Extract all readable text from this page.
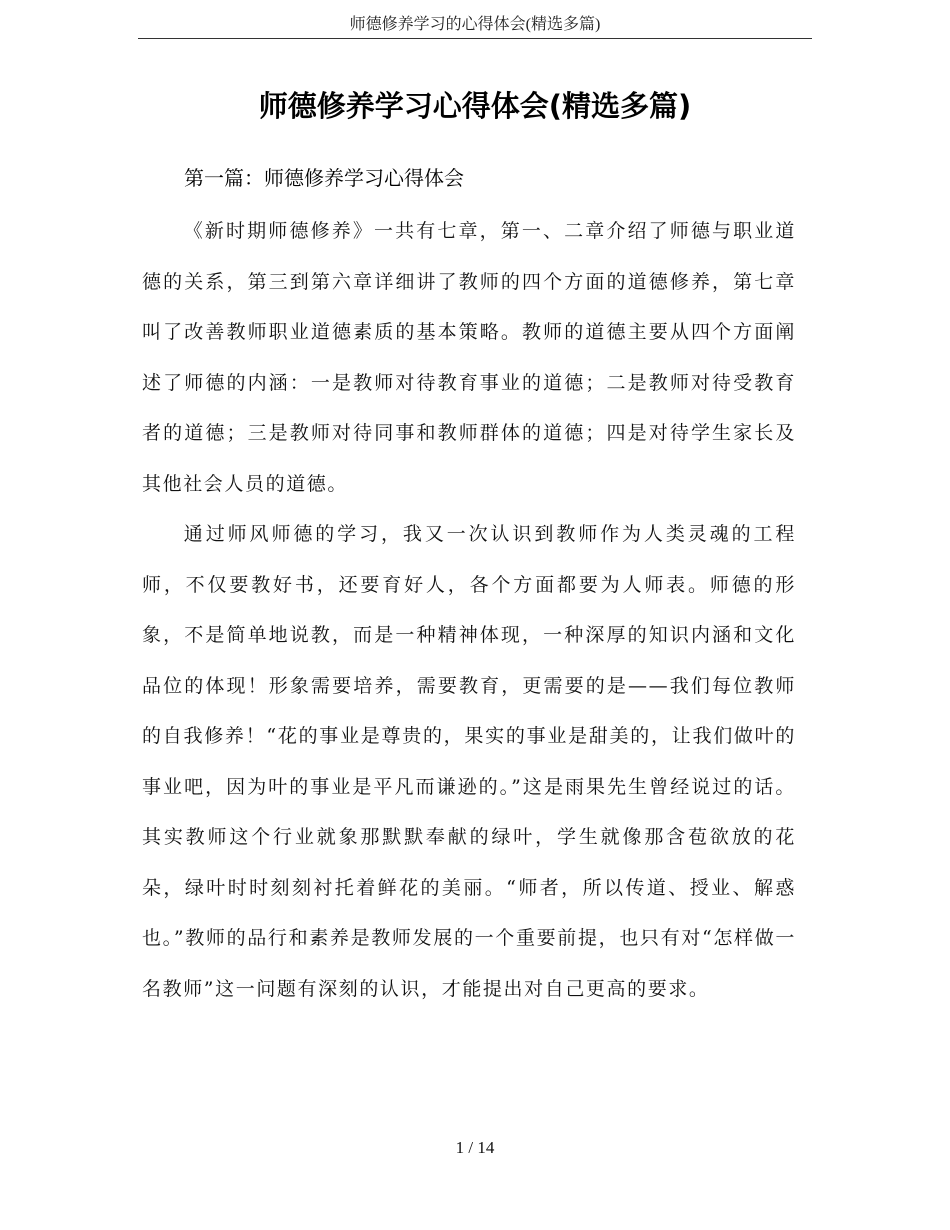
师德修养学习的心得体会(精选多篇)
师德修养学习心得体会(精选多篇)
第一篇：师德修养学习心得体会

《新时期师德修养》一共有七章，第一、二章介绍了师德与职业道德的关系，第三到第六章详细讲了教师的四个方面的道德修养，第七章叫了改善教师职业道德素质的基本策略。教师的道德主要从四个方面阐述了师德的内涵：一是教师对待教育事业的道德；二是教师对待受教育者的道德；三是教师对待同事和教师群体的道德；四是对待学生家长及其他社会人员的道德。

通过师风师德的学习，我又一次认识到教师作为人类灵魂的工程师，不仅要教好书，还要育好人，各个方面都要为人师表。师德的形象，不是简单地说教，而是一种精神体现，一种深厚的知识内涵和文化品位的体现！形象需要培养，需要教育，更需要的是——我们每位教师的自我修养！“花的事业是尊贵的，果实的事业是甜美的，让我们做叶的事业吧，因为叶的事业是平凡而谦逊的。”这是雨果先生曾经说过的话。其实教师这个行业就象那默默奉献的绿叶，学生就像那含苞欲放的花朵，绿叶时时刻刻衬托着鲜花的美丽。“师者，所以传道、授业、解惑也。”教师的品行和素养是教师发展的一个重要前提，也只有对“怎样做一名教师”这一问题有深刻的认识，才能提出对自己更高的要求。

1 / 14
